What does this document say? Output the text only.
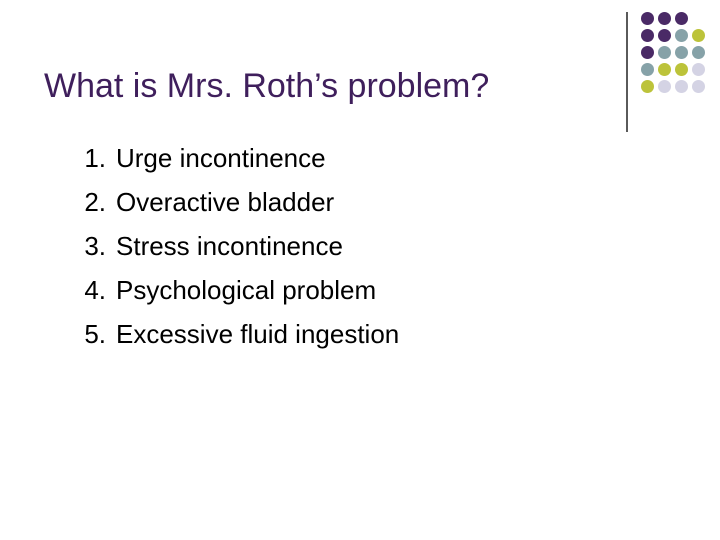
What is Mrs. Roth’s problem?
1. Urge incontinence
2. Overactive bladder
3. Stress incontinence
4. Psychological problem
5. Excessive fluid ingestion
